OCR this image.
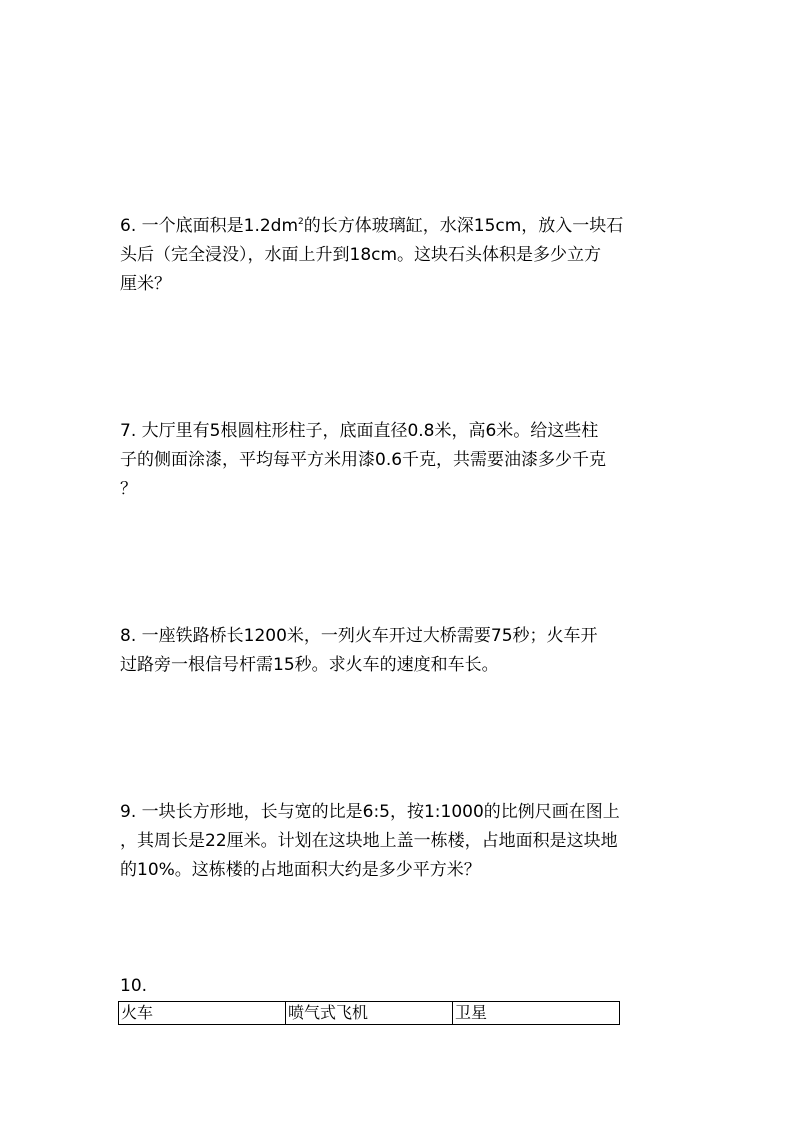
6. 一个底面积是$1.2dm^2$的长方体玻璃缸，水深15cm，放入一块石
头后（完全浸没），水面上升到18cm。这块石头体积是多少立方
厘米？

7. 大厅里有5根圆柱形柱子，底面直径0.8米，高6米。给这些柱
子的侧面涂漆，平均每平方米用漆0.6千克，共需要油漆多少千克
？

8. 一座铁路桥长1200米，一列火车开过大桥需要75秒；火车开
过路旁一根信号杆需15秒。求火车的速度和车长。

9. 一块长方形地，长与宽的比是6:5，按1:1000的比例尺画在图上
，其周长是22厘米。计划在这块地上盖一栋楼，占地面积是这块地
的10%。这栋楼的占地面积大约是多少平方米？

10.

火车	喷气式飞机	卫星
